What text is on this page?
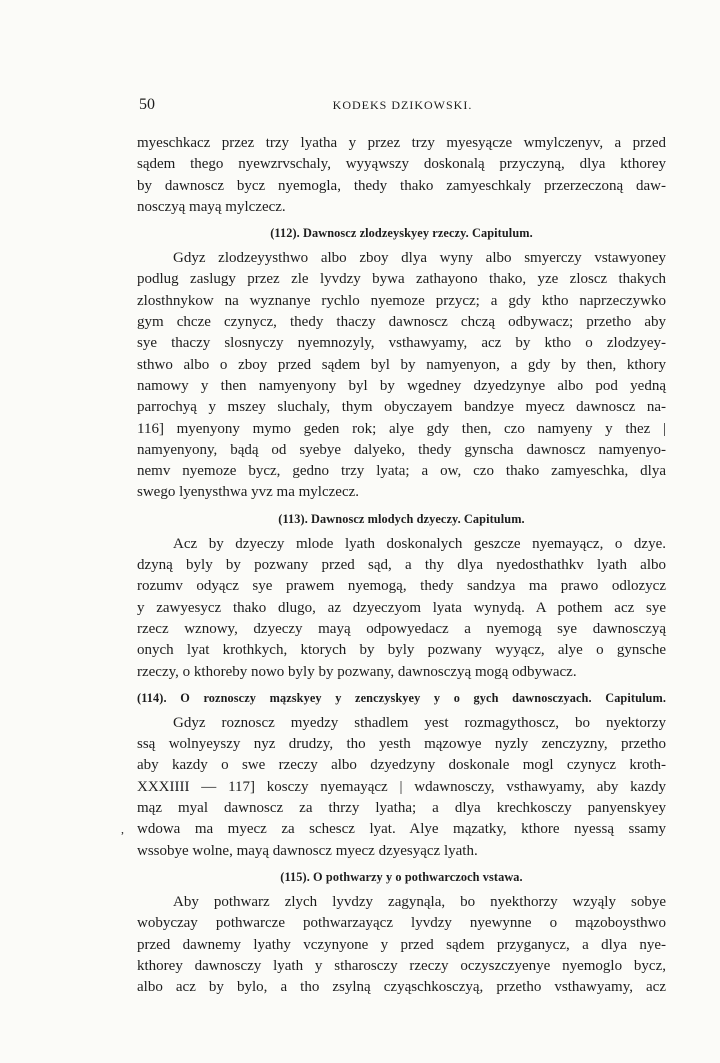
50	KODEKS DZIKOWSKI.
myeschkacz przez trzy lyatha y przez trzy myesyącze wmylczenyv, a przed
sądem thego nyewzrvschaly, wyyąwszy doskonalą przyczyną, dlya kthorey
by dawnoscz bycz nyemogla, thedy thako zamyeschkaly przerzeczoną daw-
nosczyą mayą mylczecz.
(112). Dawnoscz zlodzeyskyey rzeczy. Capitulum.
Gdyz zlodzeyysthwo albo zboy dlya wyny albo smyerczy vstawyoney
podlug zaslugy przez zle lyvdzy bywa zathayono thako, yze zloscz thakych
zlosthnykow na wyznanye rychlo nyemoze przycz; a gdy ktho naprzeczywko
gym chcze czynycz, thedy thaczy dawnoscz chczą odbywacz; przetho aby
sye thaczy slosnyczy nyemnozyly, vsthawyamy, acz by ktho o zlodzyey-
sthwo albo o zboy przed sądem byl by namyenyon, a gdy by then, kthory
namowy y then namyenyony byl by wgedney dzyedzynye albo pod yedną
parrochyą y mszey sluchaly, thym obyczayem bandzye myecz dawnoscz na-
116] myenyony mymo geden rok; alye gdy then, czo namyeny y thez |
namyenyony, bądą od syebye dalyeko, thedy gynscha dawnoscz namyenyo-
nemv nyemoze bycz, gedno trzy lyata; a ow, czo thako zamyeschka, dlya
swego lyenysthwa yvz ma mylczecz.
(113). Dawnoscz mlodych dzyeczy. Capitulum.
Acz by dzyeczy mlode lyath doskonalych geszcze nyemayącz, o dzye.
dzyną byly by pozwany przed sąd, a thy dlya nyedosthathkv lyath albo
rozumv odyącz sye prawem nyemogą, thedy sandzya ma prawo odlozycz
y zawyesycz thako dlugo, az dzyeczyom lyata wynydą. A pothem acz sye
rzecz wznowy, dzyeczy mayą odpowyedacz a nyemogą sye dawnosczyą
onych lyat krothkych, ktorych by byly pozwany wyyącz, alye o gynsche
rzeczy, o kthoreby nowo byly by pozwany, dawnosczyą mogą odbywacz.
(114). O roznosczy mązskyey y zenczyskyey y o gych dawnosczyach. Capitulum.
Gdyz roznoscz myedzy sthadlem yest rozmagythoscz, bo nyektorzy
ssą wolnyeyszy nyz drudzy, tho yesth mązowye nyzly zenczyzny, przetho
aby kazdy o swe rzeczy albo dzyedzyny doskonale mogl czynycz kroth-
XXXIIII — 117] kosczy nyemayącz | wdawnosczy, vsthawyamy, aby kazdy
mąz myal dawnoscz za thrzy lyatha; a dlya krechkosczy panyenskyey
wdowa ma myecz za schescz lyat. Alye mązatky, kthore nyessą ssamy
wssobye wolne, mayą dawnoscz myecz dzyesyącz lyath.
(115). O pothwarzy y o pothwarczoch vstawa.
Aby pothwarz zlych lyvdzy zagynąla, bo nyekthorzy wzyąly sobye
wobyczay pothwarcze pothwarzayącz lyvdzy nyewynne o mązoboysthwo
przed dawnemy lyathy vczynyone y przed sądem przyganycz, a dlya nye-
kthorey dawnosczy lyath y stharosczy rzeczy oczyszczyenye nyemoglo bycz,
albo acz by bylo, a tho zsylną czyąschkosczyą, przetho vsthawyamy, acz
,
